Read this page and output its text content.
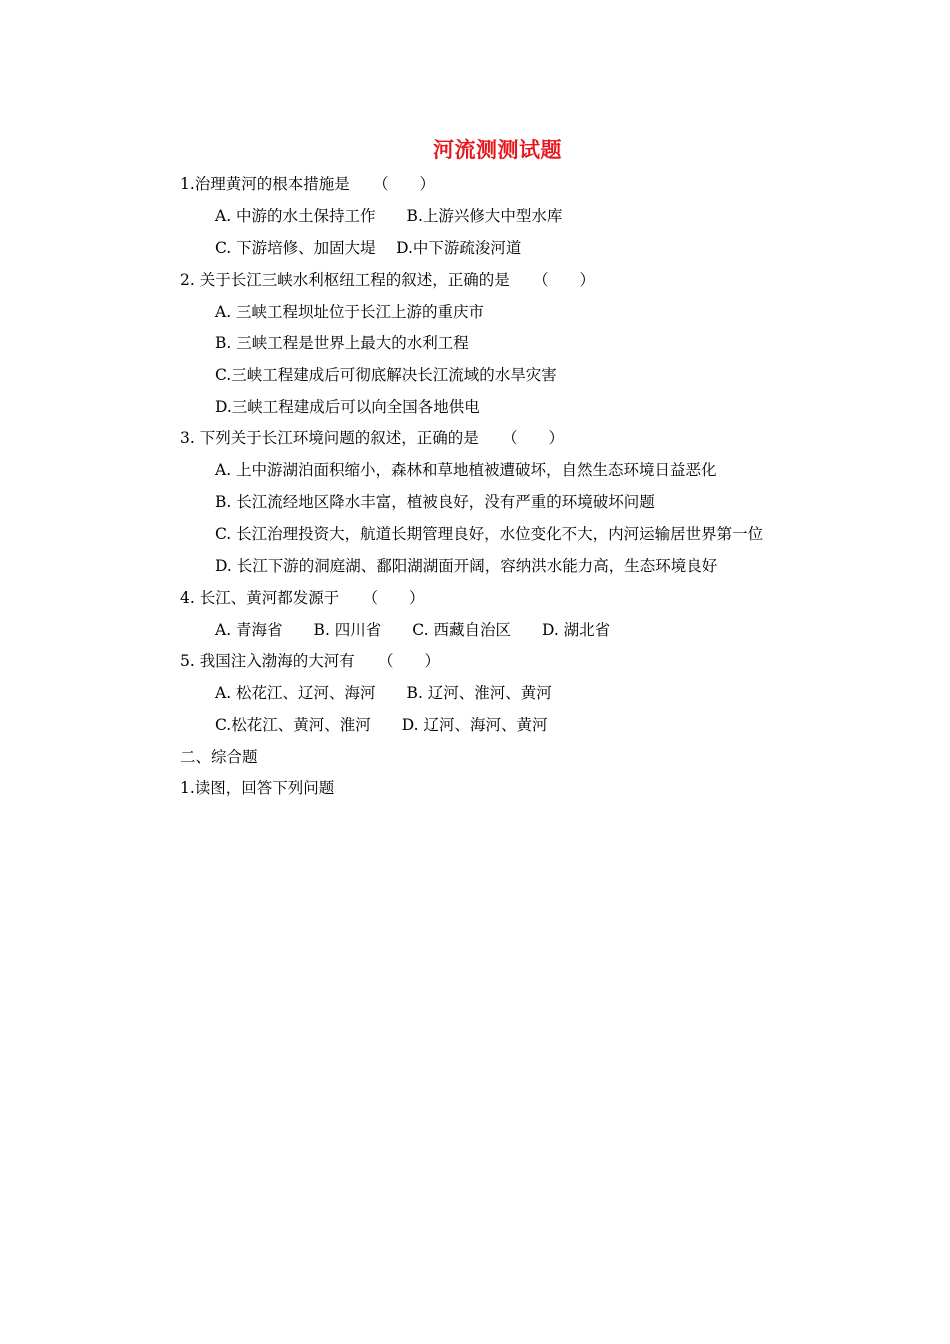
河流测测试题
1.治理黄河的根本措施是　　（　　）
A. 中游的水土保持工作　　B.上游兴修大中型水库
C. 下游培修、加固大堤　 D.中下游疏浚河道
2. 关于长江三峡水利枢纽工程的叙述，正确的是　　（　　）
A. 三峡工程坝址位于长江上游的重庆市
B. 三峡工程是世界上最大的水利工程
C.三峡工程建成后可彻底解决长江流域的水旱灾害
D.三峡工程建成后可以向全国各地供电
3. 下列关于长江环境问题的叙述，正确的是　　（　　）
A. 上中游湖泊面积缩小，森林和草地植被遭破坏，自然生态环境日益恶化
B. 长江流经地区降水丰富，植被良好，没有严重的环境破坏问题
C. 长江治理投资大，航道长期管理良好，水位变化不大，内河运输居世界第一位
D. 长江下游的洞庭湖、鄱阳湖湖面开阔，容纳洪水能力高，生态环境良好
4. 长江、黄河都发源于　　（　　）
A. 青海省　　B. 四川省　　C. 西藏自治区　　D. 湖北省
5. 我国注入渤海的大河有　　（　　）
A. 松花江、辽河、海河　　B. 辽河、淮河、黄河
C.松花江、黄河、淮河　　D. 辽河、海河、黄河
二、综合题
1.读图，回答下列问题
